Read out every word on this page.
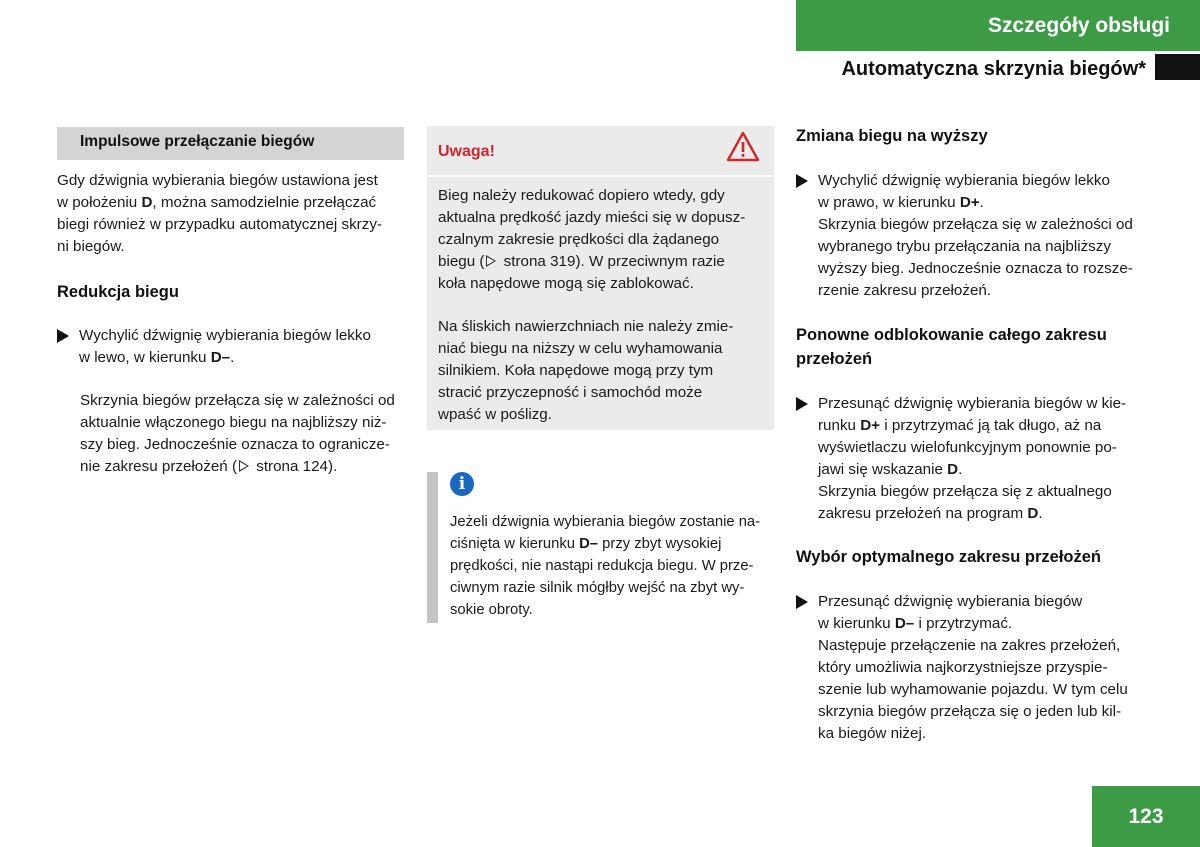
Szczegóły obsługi
Automatyczna skrzynia biegów*
Impulsowe przełączanie biegów
Gdy dźwignia wybierania biegów ustawiona jest
w położeniu D, można samodzielnie przełączać
biegi również w przypadku automatycznej skrzy-
ni biegów.
Redukcja biegu
Wychylić dźwignię wybierania biegów lekko
w lewo, w kierunku D–.
Skrzynia biegów przełącza się w zależności od
aktualnie włączonego biegu na najbliższy niż-
szy bieg. Jednocześnie oznacza to ogranicze-
nie zakresu przełożeń ( strona 124).
Uwaga!
Bieg należy redukować dopiero wtedy, gdy
aktualna prędkość jazdy mieści się w dopusz-
czalnym zakresie prędkości dla żądanego
biegu ( strona 319). W przeciwnym razie
koła napędowe mogą się zablokować.
Na śliskich nawierzchniach nie należy zmie-
niać biegu na niższy w celu wyhamowania
silnikiem. Koła napędowe mogą przy tym
stracić przyczepność i samochód może
wpaść w poślizg.
i
Jeżeli dźwignia wybierania biegów zostanie na-
ciśnięta w kierunku D– przy zbyt wysokiej
prędkości, nie nastąpi redukcja biegu. W prze-
ciwnym razie silnik mógłby wejść na zbyt wy-
sokie obroty.
Zmiana biegu na wyższy
Wychylić dźwignię wybierania biegów lekko
w prawo, w kierunku D+.
Skrzynia biegów przełącza się w zależności od
wybranego trybu przełączania na najbliższy
wyższy bieg. Jednocześnie oznacza to rozsze-
rzenie zakresu przełożeń.
Ponowne odblokowanie całego zakresu
przełożeń
Przesunąć dźwignię wybierania biegów w kie-
runku D+ i przytrzymać ją tak długo, aż na
wyświetlaczu wielofunkcyjnym ponownie po-
jawi się wskazanie D.
Skrzynia biegów przełącza się z aktualnego
zakresu przełożeń na program D.
Wybór optymalnego zakresu przełożeń
Przesunąć dźwignię wybierania biegów
w kierunku D– i przytrzymać.
Następuje przełączenie na zakres przełożeń,
który umożliwia najkorzystniejsze przyspie-
szenie lub wyhamowanie pojazdu. W tym celu
skrzynia biegów przełącza się o jeden lub kil-
ka biegów niżej.
123
